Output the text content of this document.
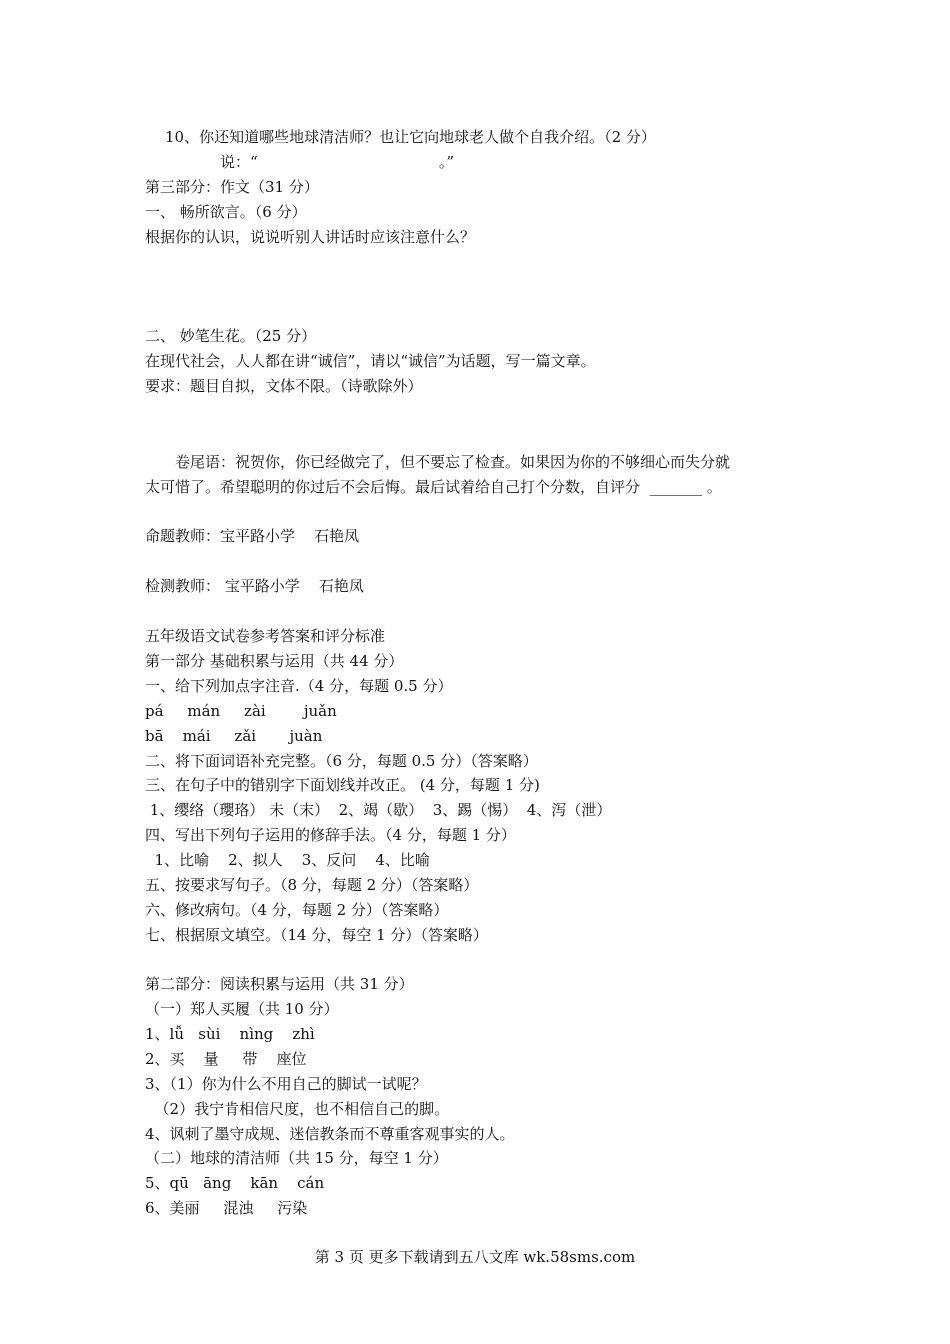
10、你还知道哪些地球清洁师？也让它向地球老人做个自我介绍。（2 分）
说：“                                      。”
第三部分：作文（31 分）
一、 畅所欲言。（6 分）
根据你的认识，说说听别人讲话时应该注意什么？
二、 妙笔生花。（25 分）
在现代社会，人人都在讲“诚信”，请以“诚信”为话题，写一篇文章。
要求：题目自拟，文体不限。（诗歌除外）
卷尾语：祝贺你，你已经做完了，但不要忘了检查。如果因为你的不够细心而失分就
太可惜了。希望聪明的你过后不会后悔。最后试着给自己打个分数，自评分  _______ 。
命题教师：宝平路小学    石艳凤
检测教师： 宝平路小学    石艳凤
五年级语文试卷参考答案和评分标准
第一部分 基础积累与运用（共 44 分）
一、给下列加点字注音.（4 分，每题 0.5 分）
pá     mán     zài        juǎn
bā    mái     zǎi       juàn
二、将下面词语补充完整。（6 分，每题 0.5 分）（答案略）
三、在句子中的错别字下面划线并改正。 (4 分，每题 1 分)
1、缨络（瓔珞） 未（末）  2、竭（歇）  3、踢（惕）  4、泻（泄）
四、写出下列句子运用的修辞手法。（4 分，每题 1 分）
1、比喻    2、拟人    3、反问    4、比喻
五、按要求写句子。（8 分，每题 2 分）（答案略）
六、修改病句。（4 分，每题 2 分）（答案略）
七、根据原文填空。（14 分，每空 1 分）（答案略）
第二部分：阅读积累与运用（共 31 分）
（一）郑人买履（共 10 分）
1、lǚ   sùi    nìng    zhì
2、买    量     带    座位
3、（1）你为什么不用自己的脚试一试呢？
（2）我宁肯相信尺度，也不相信自己的脚。
4、讽刺了墨守成规、迷信教条而不尊重客观事实的人。
（二）地球的清洁师（共 15 分，每空 1 分）
5、qū   āng    kān    cán
6、美丽     混浊     污染
第 3 页 更多下载请到五八文库 wk.58sms.com
